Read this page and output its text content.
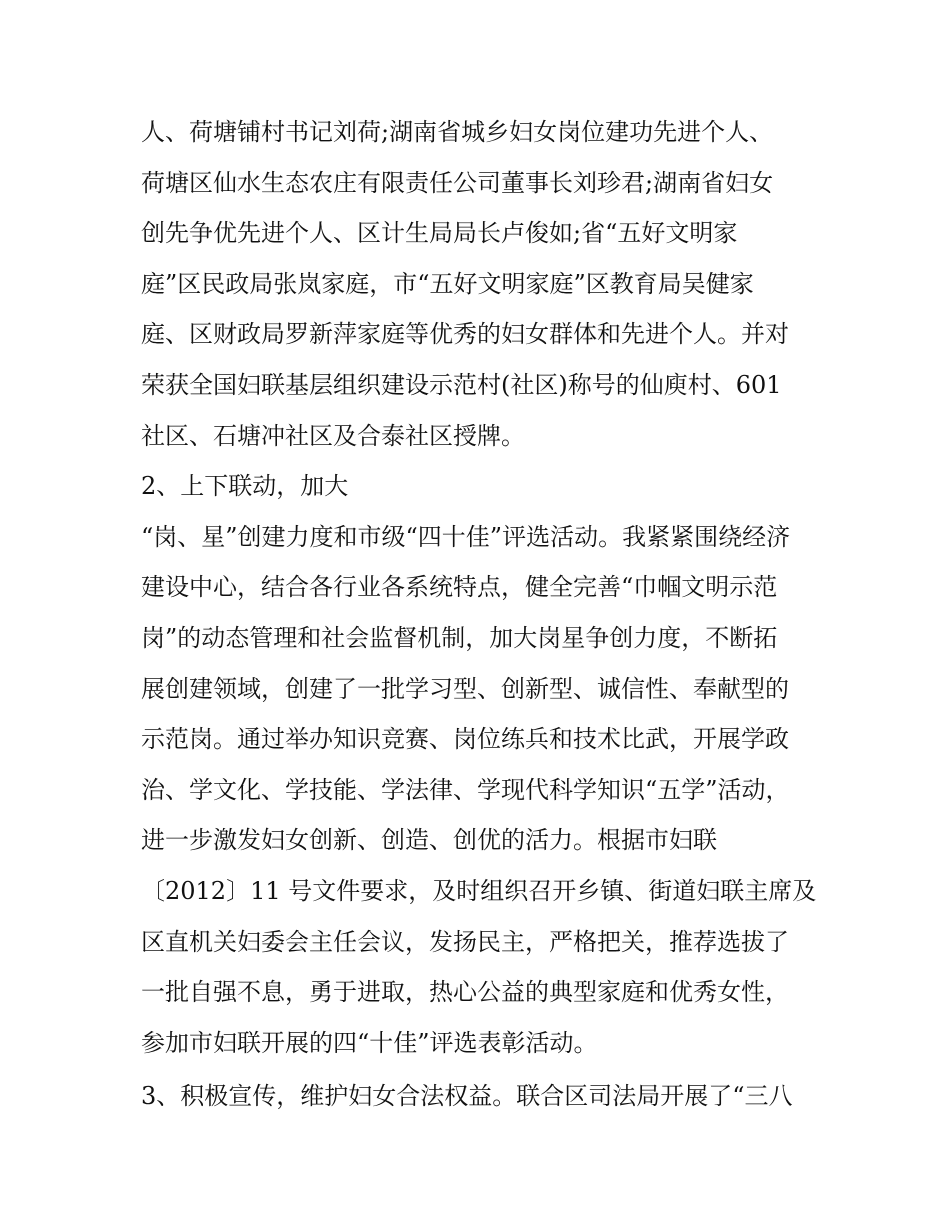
人、荷塘铺村书记刘荷;湖南省城乡妇女岗位建功先进个人、
荷塘区仙水生态农庄有限责任公司董事长刘珍君;湖南省妇女
创先争优先进个人、区计生局局长卢俊如;省“五好文明家
庭”区民政局张岚家庭，市“五好文明家庭”区教育局吴健家
庭、区财政局罗新萍家庭等优秀的妇女群体和先进个人。并对
荣获全国妇联基层组织建设示范村(社区)称号的仙庾村、601
社区、石塘冲社区及合泰社区授牌。
2、上下联动，加大
“岗、星”创建力度和市级“四十佳”评选活动。我紧紧围绕经济
建设中心，结合各行业各系统特点，健全完善“巾帼文明示范
岗”的动态管理和社会监督机制，加大岗星争创力度，不断拓
展创建领域，创建了一批学习型、创新型、诚信性、奉献型的
示范岗。通过举办知识竞赛、岗位练兵和技术比武，开展学政
治、学文化、学技能、学法律、学现代科学知识“五学”活动，
进一步激发妇女创新、创造、创优的活力。根据市妇联
〔2012〕11 号文件要求，及时组织召开乡镇、街道妇联主席及
区直机关妇委会主任会议，发扬民主，严格把关，推荐选拔了
一批自强不息，勇于进取，热心公益的典型家庭和优秀女性，
参加市妇联开展的四“十佳”评选表彰活动。
3、积极宣传，维护妇女合法权益。联合区司法局开展了“三八
